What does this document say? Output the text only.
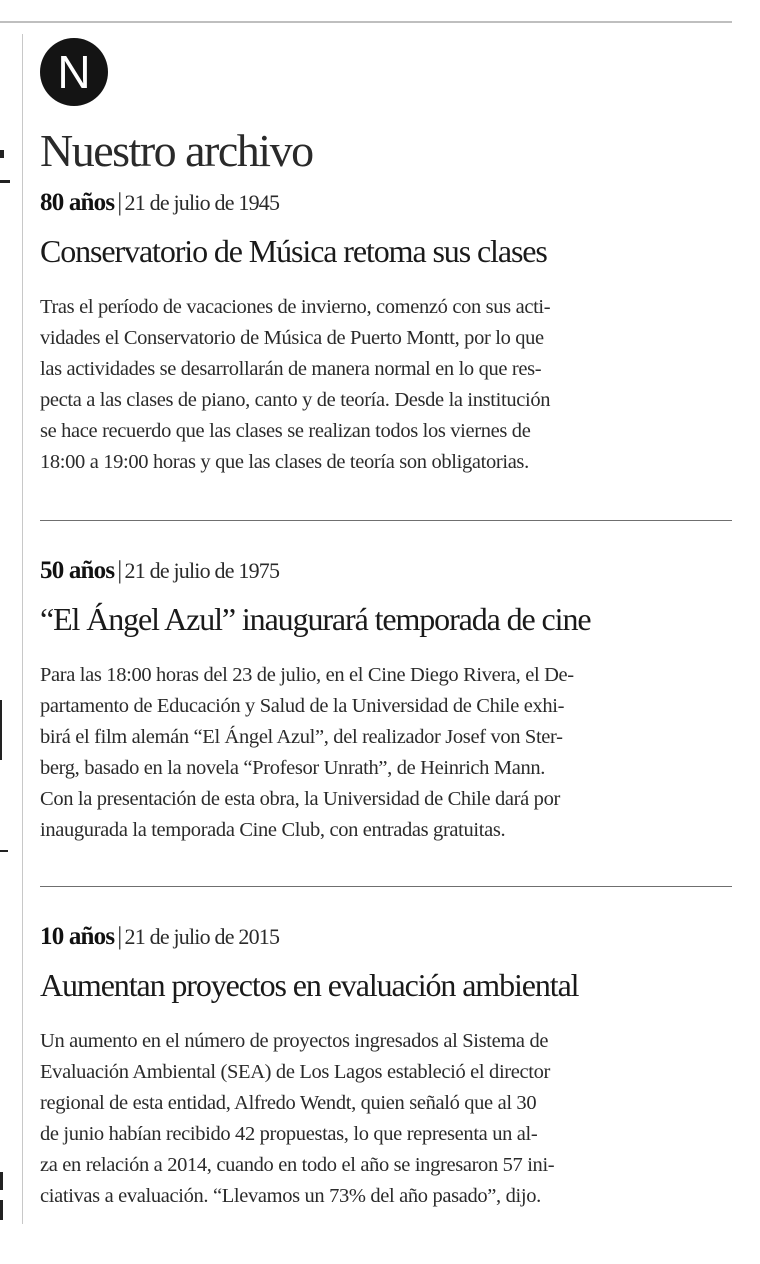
N
Nuestro archivo

80 años | 21 de julio de 1945

Conservatorio de Música retoma sus clases

Tras el período de vacaciones de invierno, comenzó con sus acti-
vidades el Conservatorio de Música de Puerto Montt, por lo que
las actividades se desarrollarán de manera normal en lo que res-
pecta a las clases de piano, canto y de teoría. Desde la institución
se hace recuerdo que las clases se realizan todos los viernes de
18:00 a 19:00 horas y que las clases de teoría son obligatorias.

50 años | 21 de julio de 1975

“El Ángel Azul” inaugurará temporada de cine

Para las 18:00 horas del 23 de julio, en el Cine Diego Rivera, el De-
partamento de Educación y Salud de la Universidad de Chile exhi-
birá el film alemán “El Ángel Azul”, del realizador Josef von Ster-
berg, basado en la novela “Profesor Unrath”, de Heinrich Mann.
Con la presentación de esta obra, la Universidad de Chile dará por
inaugurada la temporada Cine Club, con entradas gratuitas.

10 años | 21 de julio de 2015

Aumentan proyectos en evaluación ambiental

Un aumento en el número de proyectos ingresados al Sistema de
Evaluación Ambiental (SEA) de Los Lagos estableció el director
regional de esta entidad, Alfredo Wendt, quien señaló que al 30
de junio habían recibido 42 propuestas, lo que representa un al-
za en relación a 2014, cuando en todo el año se ingresaron 57 ini-
ciativas a evaluación. “Llevamos un 73% del año pasado”, dijo.
